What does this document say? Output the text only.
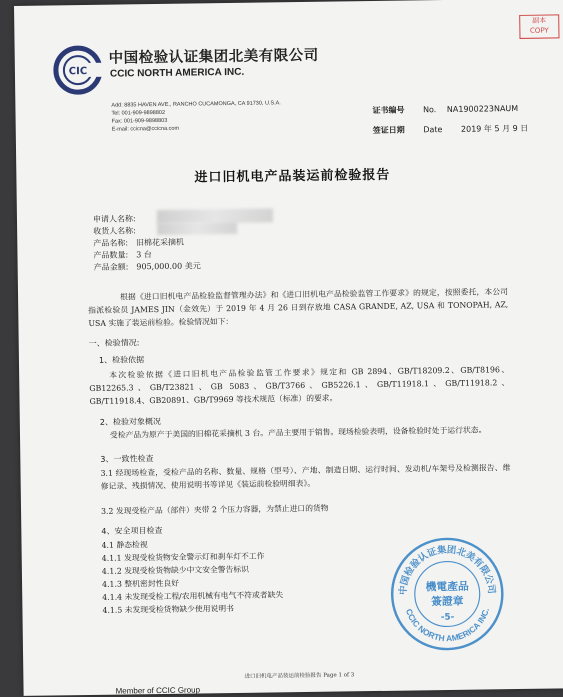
CIC
中国检验认证集团北美有限公司
CCIC NORTH AMERICA INC.
Add: 8835 HAVEN AVE., RANCHO CUCAMONGA, CA 91730, U.S.A.
Tel: 001-909-9898802
Fax: 001-909-9898803
E-mail: ccicna@ccicna.com
副本
COPY
证书编号 No. NA1900223NAUM
签证日期 Date 2019 年 5 月 9 日
进口旧机电产品装运前检验报告
申请人名称:
收货人名称:
产品名称: 旧棉花采摘机
产品数量: 3 台
产品金额: 905,000.00 美元
根据《进口旧机电产品检验监督管理办法》和《进口旧机电产品检验监管工作要求》的规定，按照委托，本公司指派检验员 JAMES JIN（金效先）于 2019 年 4 月 26 日到存放地 CASA GRANDE, AZ, USA 和 TONOPAH, AZ, USA 实施了装运前检验。检验情况如下：
一、检验情况:
1、检验依据
本次检验依据《进口旧机电产品检验监管工作要求》规定和 GB 2894、GB/T18209.2、GB/T8196、GB12265.3、GB/T23821、GB 5083、GB/T3766、GB5226.1、GB/T11918.1、GB/T11918.2、GB/T11918.4、GB20891、GB/T9969 等技术规范（标准）的要求。
2、检验对象概况
受检产品为原产于美国的旧棉花采摘机 3 台。产品主要用于销售。现场检验表明，设备检验时处于运行状态。
3、一致性检查
3.1 经现场检查，受检产品的名称、数量、规格（型号）、产地、制造日期、运行时间、发动机/车架号及检测报告、维修记录、残损情况、使用说明书等详见《装运前检验明细表》。
3.2 发现受检产品（部件）夹带 2 个压力容器，为禁止进口的货物
4、安全项目检查
4.1 静态检视
4.1.1 发现受检货物安全警示灯和刹车灯不工作
4.1.2 发现受检货物缺少中文安全警告标识
4.1.3 整机密封性良好
4.1.4 未发现受检工程/农用机械有电气不符或者缺失
4.1.5 未发现受检货物缺少使用说明书
中国检验认证集团北美有限公司
CCIC NORTH AMERICA INC.
機電產品
簽證章
-5-
进口旧机电产品装运前检验报告 Page 1 of 3
Member of CCIC Group
